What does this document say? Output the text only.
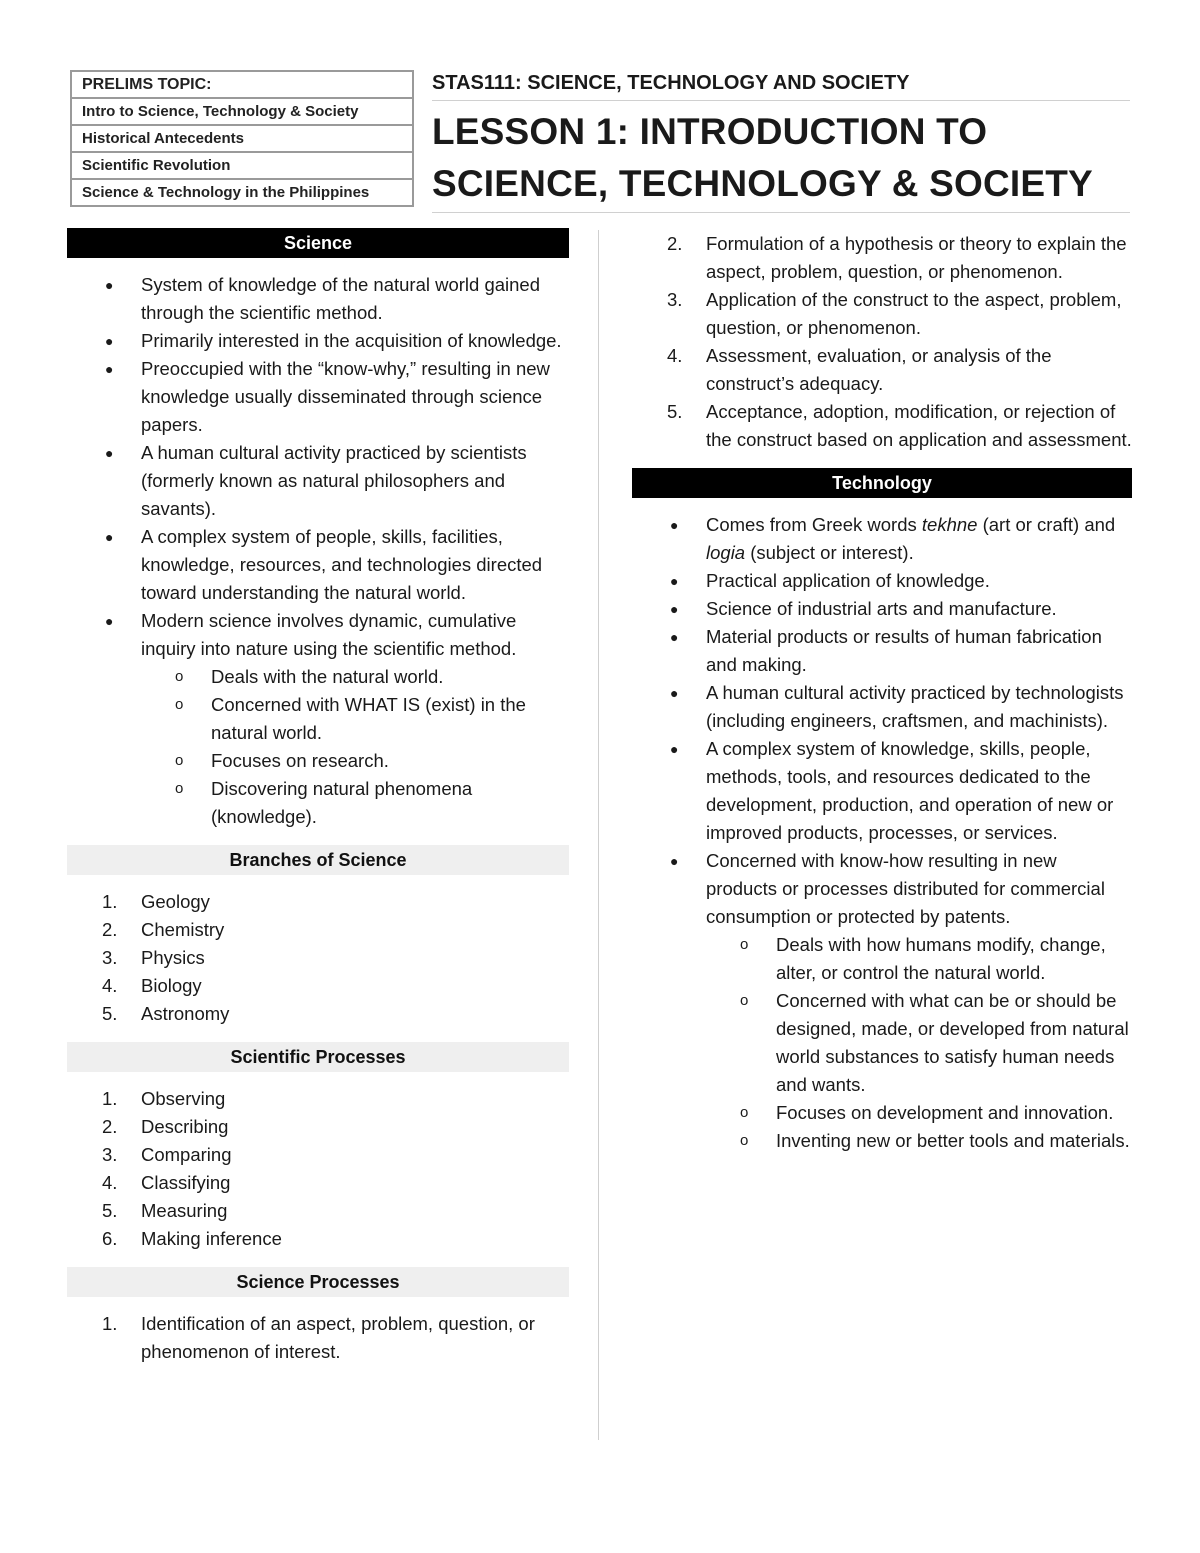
PRELIMS TOPIC:
Intro to Science, Technology & Society
Historical Antecedents
Scientific Revolution
Science & Technology in the Philippines
STAS111: SCIENCE, TECHNOLOGY AND SOCIETY
LESSON 1: INTRODUCTION TO
SCIENCE, TECHNOLOGY & SOCIETY
Science
●	System of knowledge of the natural world gained through the scientific method.
●	Primarily interested in the acquisition of knowledge.
●	Preoccupied with the “know-why,” resulting in new knowledge usually disseminated through science papers.
●	A human cultural activity practiced by scientists (formerly known as natural philosophers and savants).
●	A complex system of people, skills, facilities, knowledge, resources, and technologies directed toward understanding the natural world.
●	Modern science involves dynamic, cumulative inquiry into nature using the scientific method.
o	Deals with the natural world.
o	Concerned with WHAT IS (exist) in the natural world.
o	Focuses on research.
o	Discovering natural phenomena (knowledge).
Branches of Science
1.	Geology
2.	Chemistry
3.	Physics
4.	Biology
5.	Astronomy
Scientific Processes
1.	Observing
2.	Describing
3.	Comparing
4.	Classifying
5.	Measuring
6.	Making inference
Science Processes
1.	Identification of an aspect, problem, question, or phenomenon of interest.
2.	Formulation of a hypothesis or theory to explain the aspect, problem, question, or phenomenon.
3.	Application of the construct to the aspect, problem, question, or phenomenon.
4.	Assessment, evaluation, or analysis of the construct’s adequacy.
5.	Acceptance, adoption, modification, or rejection of the construct based on application and assessment.
Technology
●	Comes from Greek words tekhne (art or craft) and logia (subject or interest).
●	Practical application of knowledge.
●	Science of industrial arts and manufacture.
●	Material products or results of human fabrication and making.
●	A human cultural activity practiced by technologists (including engineers, craftsmen, and machinists).
●	A complex system of knowledge, skills, people, methods, tools, and resources dedicated to the development, production, and operation of new or improved products, processes, or services.
●	Concerned with know-how resulting in new products or processes distributed for commercial consumption or protected by patents.
o	Deals with how humans modify, change, alter, or control the natural world.
o	Concerned with what can be or should be designed, made, or developed from natural world substances to satisfy human needs and wants.
o	Focuses on development and innovation.
o	Inventing new or better tools and materials.
